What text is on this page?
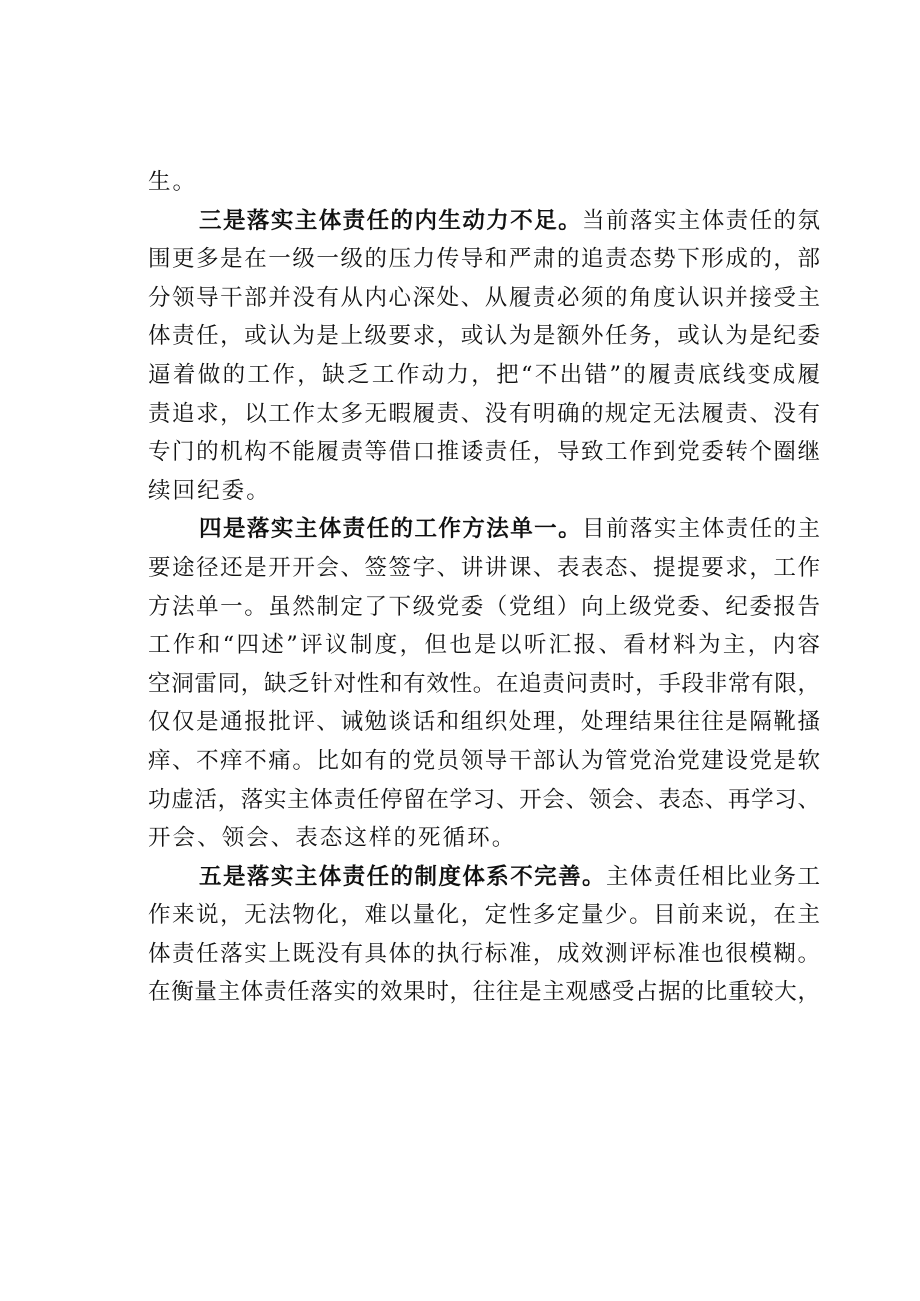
生。
三是落实主体责任的内生动力不足。当前落实主体责任的氛
围更多是在一级一级的压力传导和严肃的追责态势下形成的，部
分领导干部并没有从内心深处、从履责必须的角度认识并接受主
体责任，或认为是上级要求，或认为是额外任务，或认为是纪委
逼着做的工作，缺乏工作动力，把“不出错”的履责底线变成履
责追求，以工作太多无暇履责、没有明确的规定无法履责、没有
专门的机构不能履责等借口推诿责任，导致工作到党委转个圈继
续回纪委。
四是落实主体责任的工作方法单一。目前落实主体责任的主
要途径还是开开会、签签字、讲讲课、表表态、提提要求，工作
方法单一。虽然制定了下级党委（党组）向上级党委、纪委报告
工作和“四述”评议制度，但也是以听汇报、看材料为主，内容
空洞雷同，缺乏针对性和有效性。在追责问责时，手段非常有限，
仅仅是通报批评、诫勉谈话和组织处理，处理结果往往是隔靴搔
痒、不痒不痛。比如有的党员领导干部认为管党治党建设党是软
功虚活，落实主体责任停留在学习、开会、领会、表态、再学习、
开会、领会、表态这样的死循环。
五是落实主体责任的制度体系不完善。主体责任相比业务工
作来说，无法物化，难以量化，定性多定量少。目前来说，在主
体责任落实上既没有具体的执行标准，成效测评标准也很模糊。
在衡量主体责任落实的效果时，往往是主观感受占据的比重较大，
